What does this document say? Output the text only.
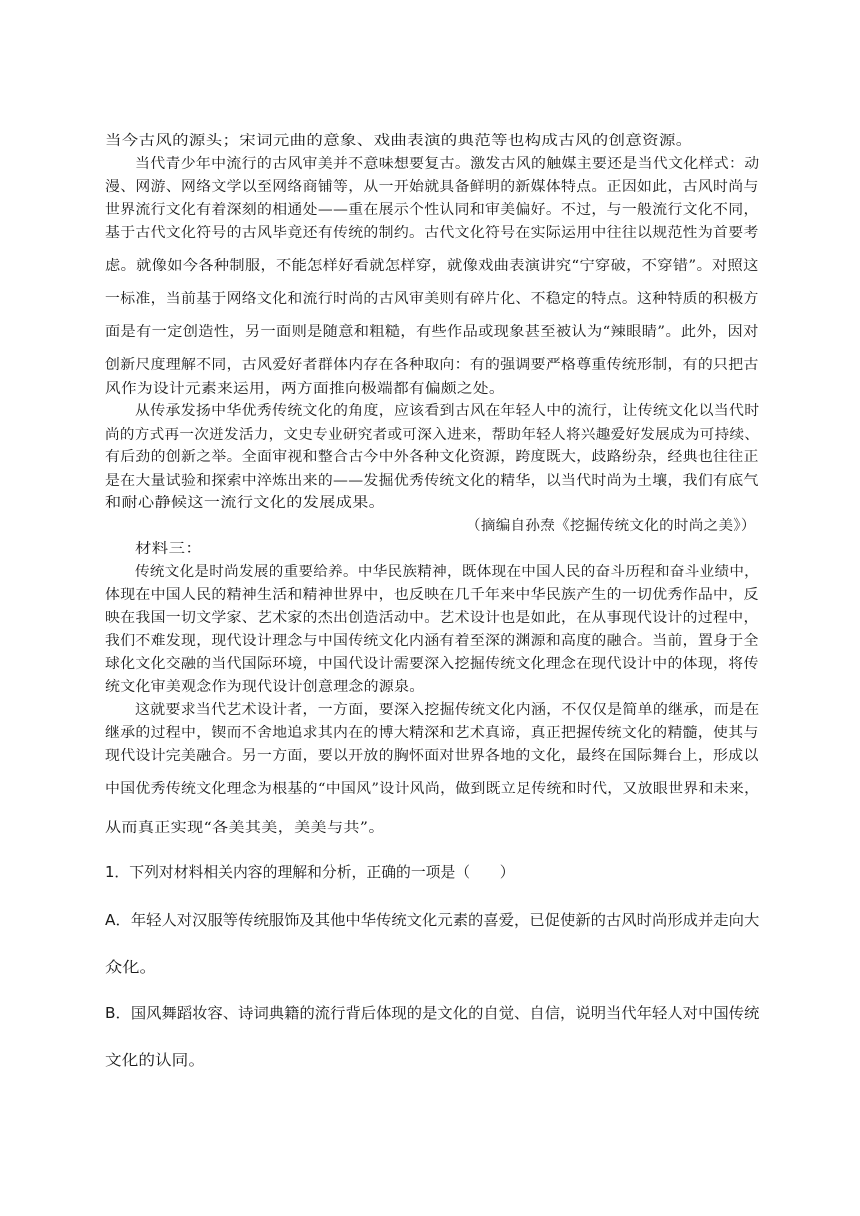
当今古风的源头；宋词元曲的意象、戏曲表演的典范等也构成古风的创意资源。
当代青少年中流行的古风审美并不意味想要复古。激发古风的触媒主要还是当代文化样式：动
漫、网游、网络文学以至网络商铺等，从一开始就具备鲜明的新媒体特点。正因如此，古风时尚与
世界流行文化有着深刻的相通处——重在展示个性认同和审美偏好。不过，与一般流行文化不同，
基于古代文化符号的古风毕竟还有传统的制约。古代文化符号在实际运用中往往以规范性为首要考
虑。就像如今各种制服，不能怎样好看就怎样穿，就像戏曲表演讲究“宁穿破，不穿错”。对照这
一标准，当前基于网络文化和流行时尚的古风审美则有碎片化、不稳定的特点。这种特质的积极方
面是有一定创造性，另一面则是随意和粗糙，有些作品或现象甚至被认为“辣眼睛”。此外，因对
创新尺度理解不同，古风爱好者群体内存在各种取向：有的强调要严格尊重传统形制，有的只把古
风作为设计元素来运用，两方面推向极端都有偏颇之处。
从传承发扬中华优秀传统文化的角度，应该看到古风在年轻人中的流行，让传统文化以当代时
尚的方式再一次迸发活力，文史专业研究者或可深入进来，帮助年轻人将兴趣爱好发展成为可持续、
有后劲的创新之举。全面审视和整合古今中外各种文化资源，跨度既大，歧路纷杂，经典也往往正
是在大量试验和探索中淬炼出来的——发掘优秀传统文化的精华，以当代时尚为土壤，我们有底气
和耐心静候这一流行文化的发展成果。
（摘编自孙焘《挖掘传统文化的时尚之美》）
材料三：
传统文化是时尚发展的重要给养。中华民族精神，既体现在中国人民的奋斗历程和奋斗业绩中，
体现在中国人民的精神生活和精神世界中，也反映在几千年来中华民族产生的一切优秀作品中，反
映在我国一切文学家、艺术家的杰出创造活动中。艺术设计也是如此，在从事现代设计的过程中，
我们不难发现，现代设计理念与中国传统文化内涵有着至深的渊源和高度的融合。当前，置身于全
球化文化交融的当代国际环境，中国代设计需要深入挖掘传统文化理念在现代设计中的体现，将传
统文化审美观念作为现代设计创意理念的源泉。
这就要求当代艺术设计者，一方面，要深入挖掘传统文化内涵，不仅仅是简单的继承，而是在
继承的过程中，锲而不舍地追求其内在的博大精深和艺术真谛，真正把握传统文化的精髓，使其与
现代设计完美融合。另一方面，要以开放的胸怀面对世界各地的文化，最终在国际舞台上，形成以
中国优秀传统文化理念为根基的“中国风”设计风尚，做到既立足传统和时代，又放眼世界和未来，
从而真正实现“各美其美，美美与共”。
1．下列对材料相关内容的理解和分析，正确的一项是（　　）
A．年轻人对汉服等传统服饰及其他中华传统文化元素的喜爱，已促使新的古风时尚形成并走向大
众化。
B．国风舞蹈妆容、诗词典籍的流行背后体现的是文化的自觉、自信，说明当代年轻人对中国传统
文化的认同。
